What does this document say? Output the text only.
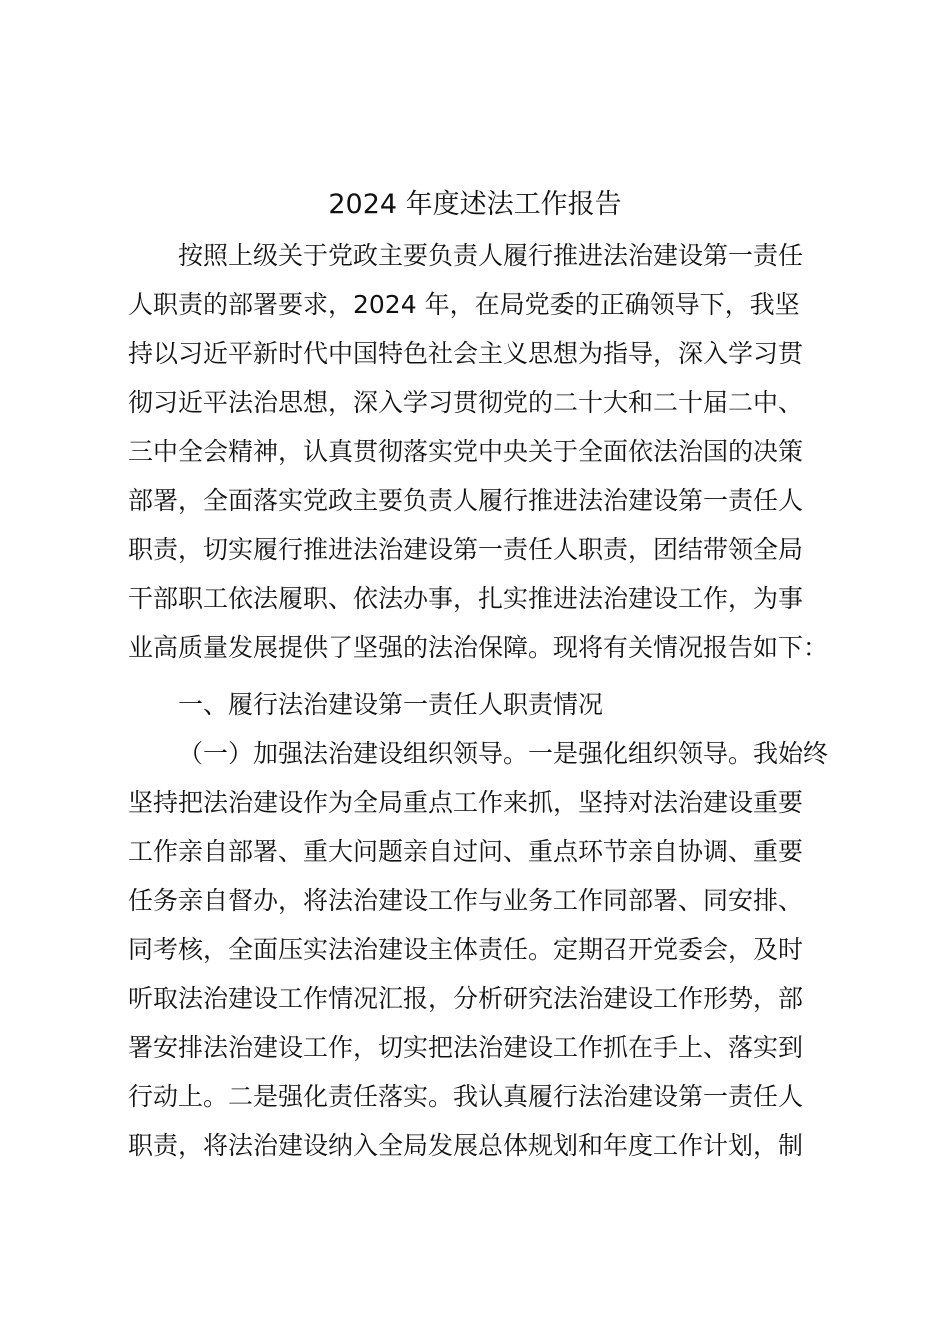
2024 年度述法工作报告

按照上级关于党政主要负责人履行推进法治建设第一责任

人职责的部署要求，2024 年，在局党委的正确领导下，我坚

持以习近平新时代中国特色社会主义思想为指导，深入学习贯

彻习近平法治思想，深入学习贯彻党的二十大和二十届二中、

三中全会精神，认真贯彻落实党中央关于全面依法治国的决策

部署，全面落实党政主要负责人履行推进法治建设第一责任人

职责，切实履行推进法治建设第一责任人职责，团结带领全局

干部职工依法履职、依法办事，扎实推进法治建设工作，为事

业高质量发展提供了坚强的法治保障。现将有关情况报告如下：

一、履行法治建设第一责任人职责情况

（一）加强法治建设组织领导。一是强化组织领导。我始终

坚持把法治建设作为全局重点工作来抓，坚持对法治建设重要

工作亲自部署、重大问题亲自过问、重点环节亲自协调、重要

任务亲自督办，将法治建设工作与业务工作同部署、同安排、

同考核，全面压实法治建设主体责任。定期召开党委会，及时

听取法治建设工作情况汇报，分析研究法治建设工作形势，部

署安排法治建设工作，切实把法治建设工作抓在手上、落实到

行动上。二是强化责任落实。我认真履行法治建设第一责任人

职责，将法治建设纳入全局发展总体规划和年度工作计划，制
